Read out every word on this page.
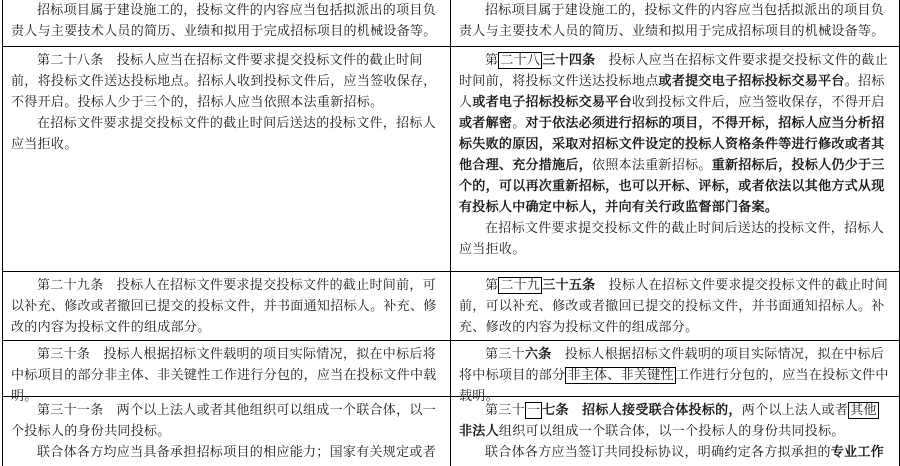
招标项目属于建设施工的，投标文件的内容应当包括拟派出的项目负责人与主要技术人员的简历、业绩和拟用于完成招标项目的机械设备等。

第二十八条　投标人应当在招标文件要求提交投标文件的截止时间前，将投标文件送达投标地点。招标人收到投标文件后，应当签收保存，不得开启。投标人少于三个的，招标人应当依照本法重新招标。

在招标文件要求提交投标文件的截止时间后送达的投标文件，招标人应当拒收。

第二十九条　投标人在招标文件要求提交投标文件的截止时间前，可以补充、修改或者撤回已提交的投标文件，并书面通知招标人。补充、修改的内容为投标文件的组成部分。

第三十条　投标人根据招标文件载明的项目实际情况，拟在中标后将中标项目的部分非主体、非关键性工作进行分包的，应当在投标文件中载明。

第三十一条　两个以上法人或者其他组织可以组成一个联合体，以一个投标人的身份共同投标。

联合体各方均应当具备承担招标项目的相应能力；国家有关规定或者

招标项目属于建设施工的，投标文件的内容应当包括拟派出的项目负责人与主要技术人员的简历、业绩和拟用于完成招标项目的机械设备等。

第 二十八 三十四条　投标人应当在招标文件要求提交投标文件的截止时间前，将投标文件送达投标地点或者提交电子招标投标交易平台。招标人或者电子招标投标交易平台收到投标文件后，应当签收保存，不得开启或者解密。对于依法必须进行招标的项目，不得开标，招标人应当分析招标失败的原因，采取对招标文件设定的投标人资格条件等进行修改或者其他合理、充分措施后，依照本法重新招标。重新招标后，投标人仍少于三个的，可以再次重新招标，也可以开标、评标，或者依法以其他方式从现有投标人中确定中标人，并向有关行政监督部门备案。

在招标文件要求提交投标文件的截止时间后送达的投标文件，招标人应当拒收。

第 二十九 三十五条　投标人在招标文件要求提交投标文件的截止时间前，可以补充、修改或者撤回已提交的投标文件，并书面通知招标人。补充、修改的内容为投标文件的组成部分。

第三十六条　投标人根据招标文件载明的项目实际情况，拟在中标后将中标项目的部分 非主体、非关键性 工作进行分包的，应当在投标文件中载明。

第三十 一 七条　招标人接受联合体投标的，两个以上法人或者 其他非法人组织可以组成一个联合体，以一个投标人的身份共同投标。

联合体各方应当签订共同投标协议，明确约定各方拟承担的专业工作
